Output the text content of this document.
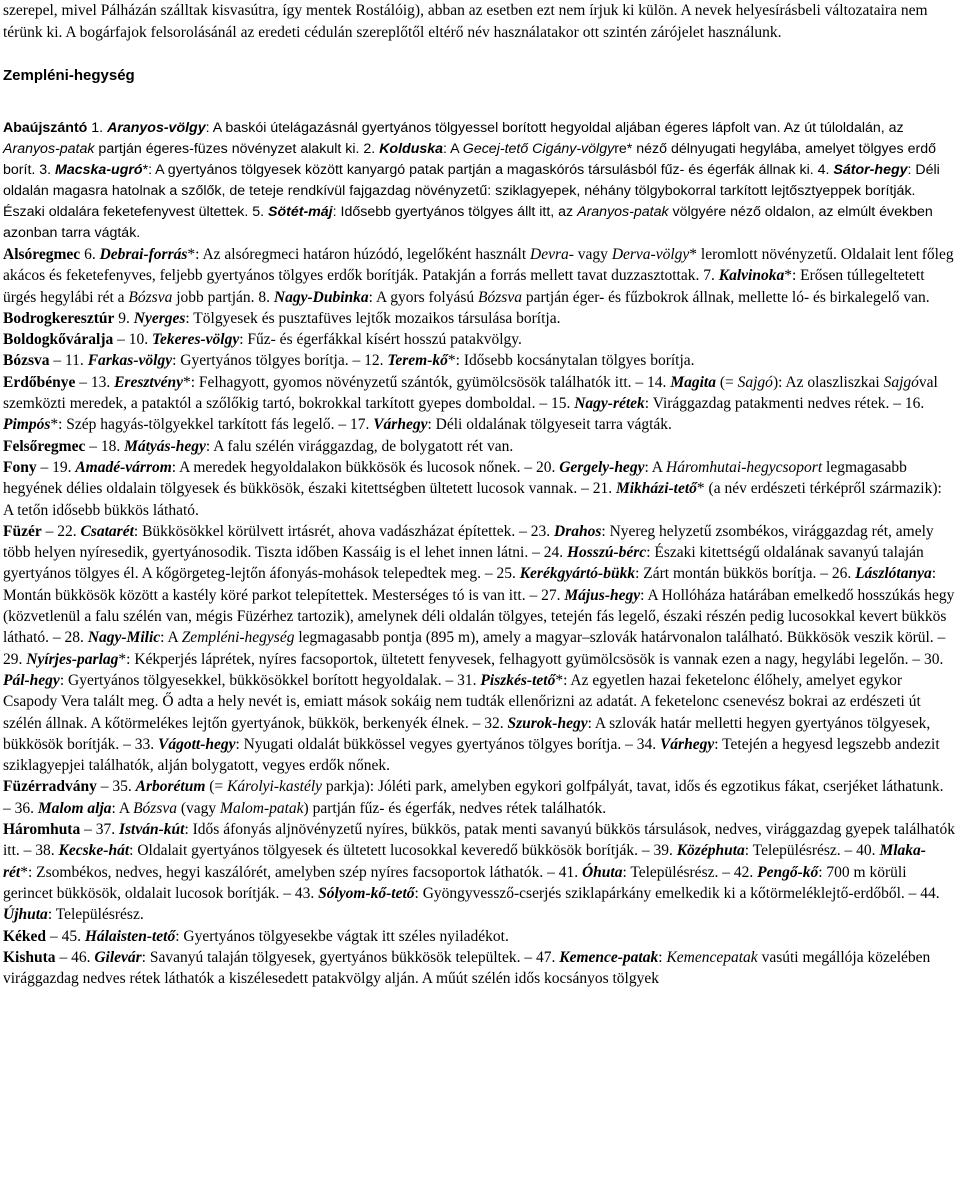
szerepel, mivel Pálházán szálltak kisvasútra, így mentek Rostálóig), abban az esetben ezt nem írjuk ki külön. A nevek helyesírásbeli változataira nem térünk ki. A bogárfajok felsorolásánál az eredeti cédulán szereplőtől eltérő név használatakor ott szintén zárójelet használunk.

Zempléni-hegység

Abaújszántó 1. Aranyos-völgy: A baskói útelágazásnál gyertyános tölgyessel borított hegyoldal aljában égeres lápfolt van. Az út túloldalán, az Aranyos-patak partján égeres-füzes növényzet alakult ki. 2. Kolduska: A Gecej-tető Cigány-völgyre* néző délnyugati hegylába, amelyet tölgyes erdő borít. 3. Macska-ugró*: A gyertyános tölgyesek között kanyargó patak partján a magaskórós társulásból fűz- és égerfák állnak ki. 4. Sátor-hegy: Déli oldalán magasra hatolnak a szőlők, de teteje rendkívül fajgazdag növényzetű: sziklagyepek, néhány tölgybokorral tarkított lejtősztyeppek borítják. Északi oldalára feketefenyvest ültettek. 5. Sötét-máj: Idősebb gyertyános tölgyes állt itt, az Aranyos-patak völgyére néző oldalon, az elmúlt években azonban tarra vágták.

Alsóregmec 6. Debrai-forrás*: Az alsóregmeci határon húzódó, legelőként használt Devra- vagy Derva-völgy* leromlott növényzetű. Oldalait lent főleg akácos és feketefenyves, feljebb gyertyános tölgyes erdők borítják. Patakján a forrás mellett tavat duzzasztottak. 7. Kalvinoka*: Erősen túllegeltetett ürgés hegylábi rét a Bózsva jobb partján. 8. Nagy-Dubinka: A gyors folyású Bózsva partján éger- és fűzbokrok állnak, mellette ló- és birkalegelő van.

Bodrogkeresztúr 9. Nyerges: Tölgyesek és pusztafüves lejtők mozaikos társulása borítja.

Boldogkőváralja – 10. Tekeres-völgy: Fűz- és égerfákkal kísért hosszú patakvölgy.

Bózsva – 11. Farkas-völgy: Gyertyános tölgyes borítja. – 12. Terem-kő*: Idősebb kocsánytalan tölgyes borítja.

Erdőbénye – 13. Eresztvény*: Felhagyott, gyomos növényzetű szántók, gyümölcsösök találhatók itt. – 14. Magita (= Sajgó): Az olaszliszkai Sajgóval szemközti meredek, a pataktól a szőlőkig tartó, bokrokkal tarkított gyepes domboldal. – 15. Nagy-rétek: Virággazdag patakmenti nedves rétek. – 16. Pimpós*: Szép hagyás-tölgyekkel tarkított fás legelő. – 17. Várhegy: Déli oldalának tölgyeseit tarra vágták.

Felsőregmec – 18. Mátyás-hegy: A falu szélén virággazdag, de bolygatott rét van.

Fony – 19. Amadé-várrom: A meredek hegyoldalakon bükkösök és lucosok nőnek. – 20. Gergely-hegy: A Háromhutai-hegycsoport legmagasabb hegyének délies oldalain tölgyesek és bükkösök, északi kitettségben ültetett lucosok vannak. – 21. Mikházi-tető* (a név erdészeti térképről származik): A tetőn idősebb bükkös látható.

Füzér – 22. Csatarét: Bükkösökkel körülvett irtásrét, ahova vadászházat építettek. – 23. Drahos: Nyereg helyzetű zsombékos, virággazdag rét, amely több helyen nyíresedik, gyertyánosodik. Tiszta időben Kassáig is el lehet innen látni. – 24. Hosszú-bérc: Északi kitettségű oldalának savanyú talaján gyertyános tölgyes él. A kőgörgeteg-lejtőn áfonyás-mohások telepedtek meg. – 25. Kerékgyártó-bükk: Zárt montán bükkös borítja. – 26. Lászlótanya: Montán bükkösök között a kastély köré parkot telepítettek. Mesterséges tó is van itt. – 27. Május-hegy: A Hollóháza határában emelkedő hosszúkás hegy (közvetlenül a falu szélén van, mégis Füzérhez tartozik), amelynek déli oldalán tölgyes, tetején fás legelő, északi részén pedig lucosokkal kevert bükkös látható. – 28. Nagy-Milic: A Zempléni-hegység legmagasabb pontja (895 m), amely a magyar–szlovák határvonalon található. Bükkösök veszik körül. – 29. Nyírjes-parlag*: Kékperjés láprétek, nyíres facsoportok, ültetett fenyvesek, felhagyott gyümölcsösök is vannak ezen a nagy, hegylábi legelőn. – 30. Pál-hegy: Gyertyános tölgyesekkel, bükkösökkel borított hegyoldalak. – 31. Piszkés-tető*: Az egyetlen hazai feketelonc élőhely, amelyet egykor Csapody Vera talált meg. Ő adta a hely nevét is, emiatt mások sokáig nem tudták ellenőrizni az adatát. A feketelonc csenevész bokrai az erdészeti út szélén állnak. A kőtörmelékes lejtőn gyertyánok, bükkök, berkenyék élnek. – 32. Szurok-hegy: A szlovák határ melletti hegyen gyertyános tölgyesek, bükkösök borítják. – 33. Vágott-hegy: Nyugati oldalát bükkössel vegyes gyertyános tölgyes borítja. – 34. Várhegy: Tetején a hegyesd legszebb andezit sziklagyepjei találhatók, alján bolygatott, vegyes erdők nőnek.

Füzérradvány – 35. Arborétum (= Károlyi-kastély parkja): Jóléti park, amelyben egykori golfpályát, tavat, idős és egzotikus fákat, cserjéket láthatunk. – 36. Malom alja: A Bózsva (vagy Malom-patak) partján fűz- és égerfák, nedves rétek találhatók.

Háromhuta – 37. István-kút: Idős áfonyás aljnövényzetű nyíres, bükkös, patak menti savanyú bükkös társulások, nedves, virággazdag gyepek találhatók itt. – 38. Kecske-hát: Oldalait gyertyános tölgyesek és ültetett lucosokkal keveredő bükkösök borítják. – 39. Középhuta: Településrész. – 40. Mlaka-rét*: Zsombékos, nedves, hegyi kaszálórét, amelyben szép nyíres facsoportok láthatók. – 41. Óhuta: Településrész. – 42. Pengő-kő: 700 m körüli gerincet bükkösök, oldalait lucosok borítják. – 43. Sólyom-kő-tető: Gyöngyvessző-cserjés sziklapárkány emelkedik ki a kőtörmeléklejtő-erdőből. – 44. Újhuta: Településrész.

Kéked – 45. Hálaisten-tető: Gyertyános tölgyesekbe vágtak itt széles nyiladékot.

Kishuta – 46. Gilevár: Savanyú talaján tölgyesek, gyertyános bükkösök települtek. – 47. Kemence-patak: Kemencepatak vasúti megállója közelében virággazdag nedves rétek láthatók a kiszélesedett patakvölgy alján. A műút szélén idős kocsányos tölgyek
